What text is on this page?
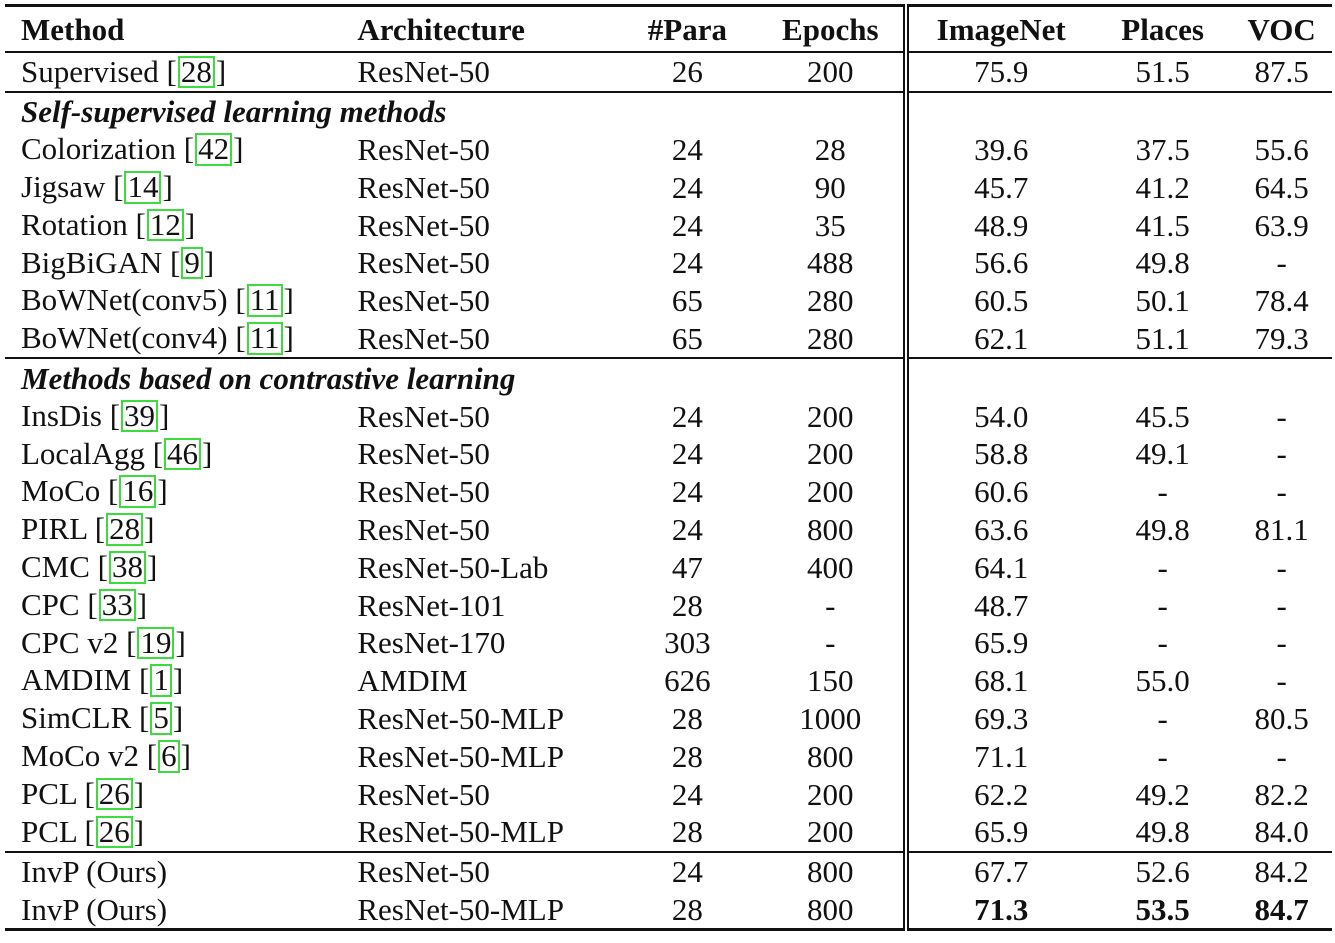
Method	Architecture	#Para	Epochs	ImageNet	Places	VOC
Supervised [ 28 ]	ResNet-50	26	200	75.9	51.5	87.5
Self-supervised learning methods						
Colorization [ 42 ]	ResNet-50	24	28	39.6	37.5	55.6
Jigsaw [ 14 ]	ResNet-50	24	90	45.7	41.2	64.5
Rotation [ 12 ]	ResNet-50	24	35	48.9	41.5	63.9
BigBiGAN [ 9 ]	ResNet-50	24	488	56.6	49.8	-
BoWNet(conv5) [ 11 ]	ResNet-50	65	280	60.5	50.1	78.4
BoWNet(conv4) [ 11 ]	ResNet-50	65	280	62.1	51.1	79.3
Methods based on contrastive learning						
InsDis [ 39 ]	ResNet-50	24	200	54.0	45.5	-
LocalAgg [ 46 ]	ResNet-50	24	200	58.8	49.1	-
MoCo [ 16 ]	ResNet-50	24	200	60.6	-	-
PIRL [ 28 ]	ResNet-50	24	800	63.6	49.8	81.1
CMC [ 38 ]	ResNet-50-Lab	47	400	64.1	-	-
CPC [ 33 ]	ResNet-101	28	-	48.7	-	-
CPC v2 [ 19 ]	ResNet-170	303	-	65.9	-	-
AMDIM [ 1 ]	AMDIM	626	150	68.1	55.0	-
SimCLR [ 5 ]	ResNet-50-MLP	28	1000	69.3	-	80.5
MoCo v2 [ 6 ]	ResNet-50-MLP	28	800	71.1	-	-
PCL [ 26 ]	ResNet-50	24	200	62.2	49.2	82.2
PCL [ 26 ]	ResNet-50-MLP	28	200	65.9	49.8	84.0
InvP (Ours)	ResNet-50	24	800	67.7	52.6	84.2
InvP (Ours)	ResNet-50-MLP	28	800	71.3	53.5	84.7
